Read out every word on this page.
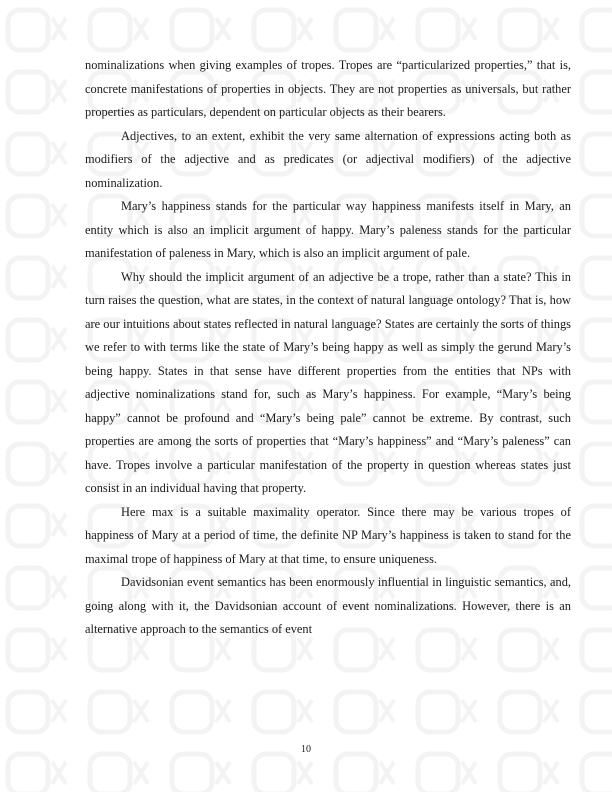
nominalizations when giving examples of tropes. Tropes are “particularized properties,” that is, concrete manifestations of properties in objects. They are not properties as universals, but rather properties as particulars, dependent on particular objects as their bearers.

Adjectives, to an extent, exhibit the very same alternation of expressions acting both as modifiers of the adjective and as predicates (or adjectival modifiers) of the adjective nominalization.

Mary’s happiness stands for the particular way happiness manifests itself in Mary, an entity which is also an implicit argument of happy. Mary’s paleness stands for the particular manifestation of paleness in Mary, which is also an implicit argument of pale.

Why should the implicit argument of an adjective be a trope, rather than a state? This in turn raises the question, what are states, in the context of natural language ontology? That is, how are our intuitions about states reflected in natural language? States are certainly the sorts of things we refer to with terms like the state of Mary’s being happy as well as simply the gerund Mary’s being happy. States in that sense have different properties from the entities that NPs with adjective nominalizations stand for, such as Mary’s happiness. For example, “Mary’s being happy” cannot be profound and “Mary’s being pale” cannot be extreme. By contrast, such properties are among the sorts of properties that “Mary’s happiness” and “Mary’s paleness” can have. Tropes involve a particular manifestation of the property in question whereas states just consist in an individual having that property.

Here max is a suitable maximality operator. Since there may be various tropes of happiness of Mary at a period of time, the definite NP Mary’s happiness is taken to stand for the maximal trope of happiness of Mary at that time, to ensure uniqueness.

Davidsonian event semantics has been enormously influential in linguistic semantics, and, going along with it, the Davidsonian account of event nominalizations. However, there is an alternative approach to the semantics of event

10
